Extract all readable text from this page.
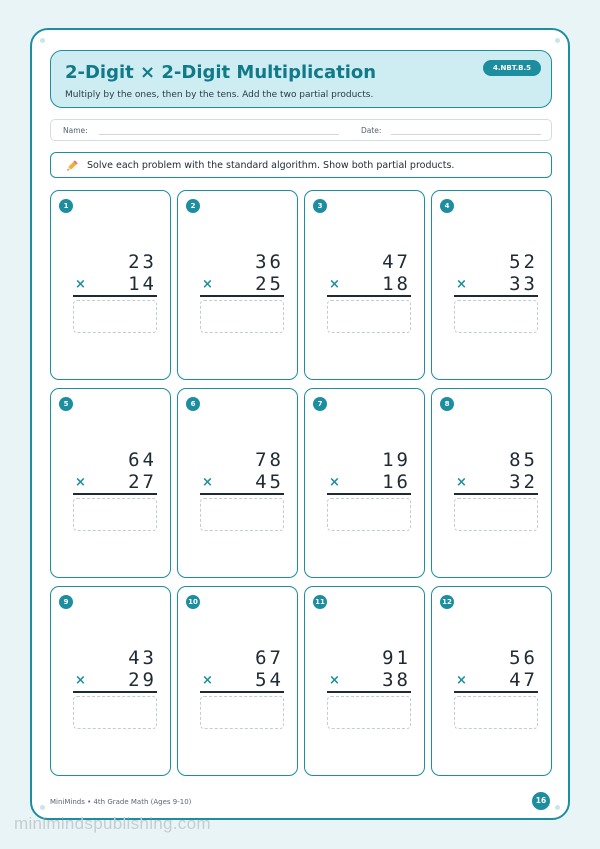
2-Digit × 2-Digit Multiplication
Multiply by the ones, then by the tens. Add the two partial products.
4.NBT.B.5
Name:	Date:
Solve each problem with the standard algorithm. Show both partial products.
1
23
× 14
2
36
× 25
3
47
× 18
4
52
× 33
5
64
× 27
6
78
× 45
7
19
× 16
8
85
× 32
9
43
× 29
10
67
× 54
11
91
× 38
12
56
× 47
MiniMinds • 4th Grade Math (Ages 9-10)	16
minimindspublishing.com
